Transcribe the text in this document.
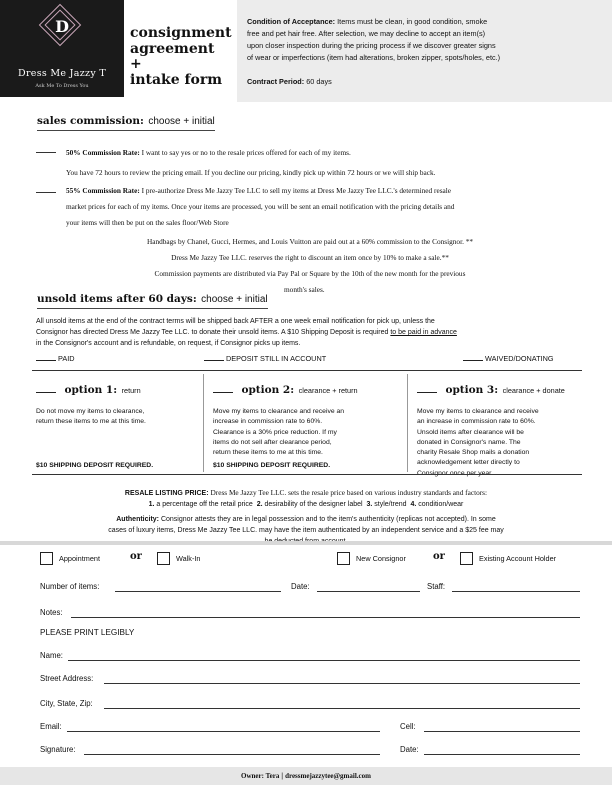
D
Dress Me Jazzy T
Ask Me To Dress You
consignment
agreement +
intake form
Condition of Acceptance: Items must be clean, in good condition, smoke
free and pet hair free. After selection, we may decline to accept an item(s)
upon closer inspection during the pricing process if we discover greater signs
of wear or imperfections (item had alterations, broken zipper, spots/holes, etc.)
Contract Period: 60 days
sales commission: choose + initial
50% Commission Rate: I want to say yes or no to the resale prices offered for each of my items.
You have 72 hours to review the pricing email. If you decline our pricing, kindly pick up within 72 hours or we will ship back.
55% Commission Rate: I pre-authorize Dress Me Jazzy Tee LLC to sell my items at Dress Me Jazzy Tee LLC.'s determined resale
market prices for each of my items. Once your items are processed, you will be sent an email notification with the pricing details and
your items will then be put on the sales floor/Web Store
Handbags by Chanel, Gucci, Hermes, and Louis Vuitton are paid out at a 60% commission to the Consignor. **
Dress Me Jazzy Tee LLC. reserves the right to discount an item once by 10% to make a sale.**
Commission payments are distributed via Pay Pal or Square by the 10th of the new month for the previous
month's sales.
unsold items after 60 days: choose + initial
All unsold items at the end of the contract terms will be shipped back AFTER a one week email notification for pick up, unless the
Consignor has directed Dress Me Jazzy Tee LLC. to donate their unsold items. A $10 Shipping Deposit is required to be paid in advance
in the Consignor's account and is refundable, on request, if Consignor picks up items.
PAID	DEPOSIT STILL IN ACCOUNT	WAIVED/DONATING
option 1: return
Do not move my items to clearance,
return these items to me at this time.
$10 SHIPPING DEPOSIT REQUIRED.
option 2: clearance + return
Move my items to clearance and receive an
increase in commission rate to 60%.
Clearance is a 30% price reduction. If my
items do not sell after clearance period,
return these items to me at this time.
$10 SHIPPING DEPOSIT REQUIRED.
option 3: clearance + donate
Move my items to clearance and receive
an increase in commission rate to 60%.
Unsold items after clearance will be
donated in Consignor's name. The
charity Resale Shop mails a donation
acknowledgement letter directly to
Consignor once per year.
RESALE LISTING PRICE: Dress Me Jazzy Tee LLC. sets the resale price based on various industry standards and factors:
1. a percentage off the retail price 2. desirability of the designer label 3. style/trend 4. condition/wear
Authenticity: Consignor attests they are in legal possession and to the item's authenticity (replicas not accepted). In some
cases of luxury items, Dress Me Jazzy Tee LLC. may have the item authenticated by an independent service and a $25 fee may
Appointment	or	Walk-In	New Consignor	or	Existing Account Holder
Number of items:	Date:	Staff:
Notes:
PLEASE PRINT LEGIBLY
Name:
Street Address:
City, State, Zip:
Email:	Cell:
Signature:	Date:
Owner: Tera | dressmejazzytee@gmail.com
